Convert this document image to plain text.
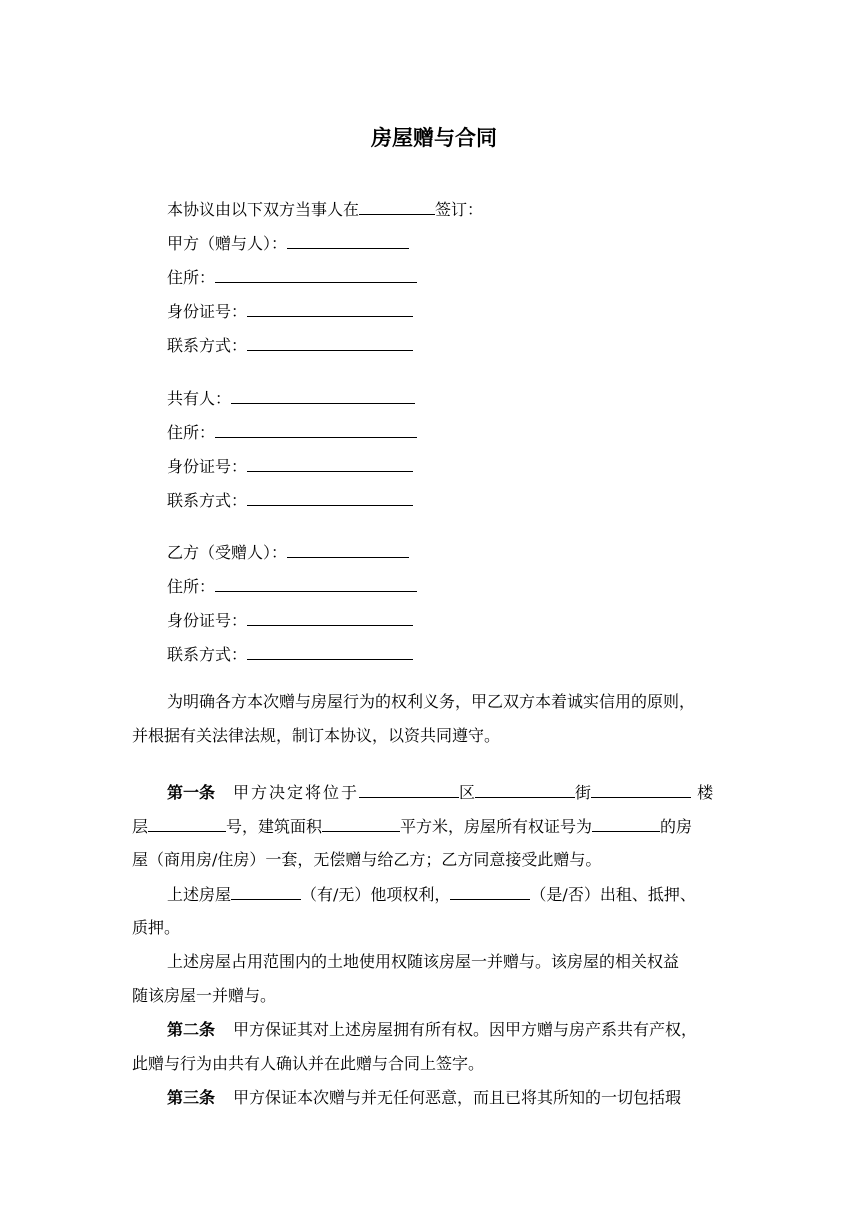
房屋赠与合同
本协议由以下双方当事人在	签订：
甲方（赠与人）：
住所：
身份证号：
联系方式：
共有人：
住所：
身份证号：
联系方式：
乙方（受赠人）：
住所：
身份证号：
联系方式：
为明确各方本次赠与房屋行为的权利义务，甲乙双方本着诚实信用的原则，
并根据有关法律法规，制订本协议，以资共同遵守。
第一条 甲方决定将位于	区	街	楼
层	号，建筑面积	平方米，房屋所有权证号为	的房
屋（商用房/住房）一套，无偿赠与给乙方；乙方同意接受此赠与。
上述房屋	（有/无）他项权利，	（是/否）出租、抵押、
质押。
上述房屋占用范围内的土地使用权随该房屋一并赠与。该房屋的相关权益
随该房屋一并赠与。
第二条 甲方保证其对上述房屋拥有所有权。因甲方赠与房产系共有产权，
此赠与行为由共有人确认并在此赠与合同上签字。
第三条 甲方保证本次赠与并无任何恶意，而且已将其所知的一切包括瑕
